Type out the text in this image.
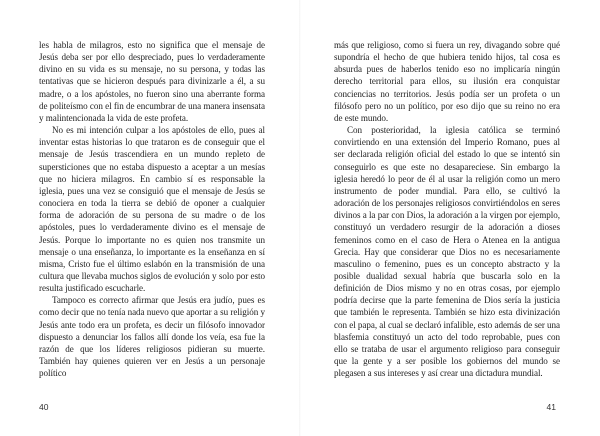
les habla de milagros, esto no significa que el mensaje de Jesús deba ser por ello despreciado, pues lo verdaderamente divino en su vida es su mensaje, no su persona, y todas las tentativas que se hicieron después para divinizarle a él, a su madre, o a los apóstoles, no fueron sino una aberrante forma de politeísmo con el fin de encumbrar de una manera insensata y malintencionada la vida de este profeta.

No es mi intención culpar a los apóstoles de ello, pues al inventar estas historias lo que trataron es de conseguir que el mensaje de Jesús trascendiera en un mundo repleto de supersticiones que no estaba dispuesto a aceptar a un mesías que no hiciera milagros. En cambio sí es responsable la iglesia, pues una vez se consiguió que el mensaje de Jesús se conociera en toda la tierra se debió de oponer a cualquier forma de adoración de su persona de su madre o de los apóstoles, pues lo verdaderamente divino es el mensaje de Jesús. Porque lo importante no es quien nos transmite un mensaje o una enseñanza, lo importante es la enseñanza en sí misma, Cristo fue el último eslabón en la transmisión de una cultura que llevaba muchos siglos de evolución y solo por esto resulta justificado escucharle.

Tampoco es correcto afirmar que Jesús era judío, pues es como decir que no tenía nada nuevo que aportar a su religión y Jesús ante todo era un profeta, es decir un filósofo innovador dispuesto a denunciar los fallos allí donde los veía, esa fue la razón de que los líderes religiosos pidieran su muerte. También hay quienes quieren ver en Jesús a un personaje político

40

más que religioso, como si fuera un rey, divagando sobre qué supondría el hecho de que hubiera tenido hijos, tal cosa es absurda pues de haberlos tenido eso no implicaría ningún derecho territorial para ellos, su ilusión era conquistar conciencias no territorios. Jesús podía ser un profeta o un filósofo pero no un político, por eso dijo que su reino no era de este mundo.

Con posterioridad, la iglesia católica se terminó convirtiendo en una extensión del Imperio Romano, pues al ser declarada religión oficial del estado lo que se intentó sin conseguirlo es que este no desapareciese. Sin embargo la iglesia heredó lo peor de él al usar la religión como un mero instrumento de poder mundial. Para ello, se cultivó la adoración de los personajes religiosos convirtiéndolos en seres divinos a la par con Dios, la adoración a la virgen por ejemplo, constituyó un verdadero resurgir de la adoración a dioses femeninos como en el caso de Hera o Atenea en la antigua Grecia. Hay que considerar que Dios no es necesariamente masculino o femenino, pues es un concepto abstracto y la posible dualidad sexual habría que buscarla solo en la definición de Dios mismo y no en otras cosas, por ejemplo podría decirse que la parte femenina de Dios sería la justicia que también le representa. También se hizo esta divinización con el papa, al cual se declaró infalible, esto además de ser una blasfemia constituyó un acto del todo reprobable, pues con ello se trataba de usar el argumento religioso para conseguir que la gente y a ser posible los gobiernos del mundo se plegasen a sus intereses y así crear una dictadura mundial.

41
